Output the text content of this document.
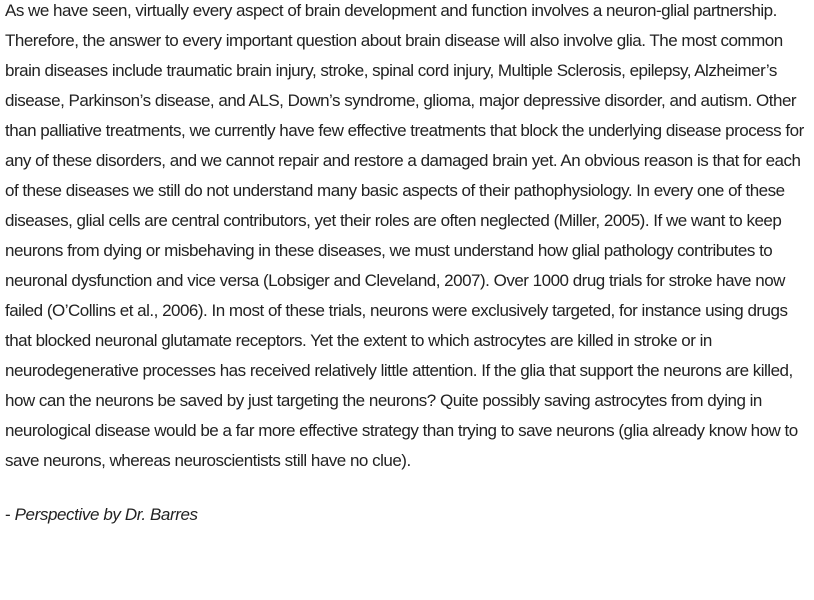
As we have seen, virtually every aspect of brain development and function involves a neuron-glial partnership. Therefore, the answer to every important question about brain disease will also involve glia. The most common brain diseases include traumatic brain injury, stroke, spinal cord injury, Multiple Sclerosis, epilepsy, Alzheimer’s disease, Parkinson’s disease, and ALS, Down’s syndrome, glioma, major depressive disorder, and autism. Other than palliative treatments, we currently have few effective treatments that block the underlying disease process for any of these disorders, and we cannot repair and restore a damaged brain yet. An obvious reason is that for each of these diseases we still do not understand many basic aspects of their pathophysiology. In every one of these diseases, glial cells are central contributors, yet their roles are often neglected (Miller, 2005). If we want to keep neurons from dying or misbehaving in these diseases, we must understand how glial pathology contributes to neuronal dysfunction and vice versa (Lobsiger and Cleveland, 2007). Over 1000 drug trials for stroke have now failed (O’Collins et al., 2006). In most of these trials, neurons were exclusively targeted, for instance using drugs that blocked neuronal glutamate receptors. Yet the extent to which astrocytes are killed in stroke or in neurodegenerative processes has received relatively little attention. If the glia that support the neurons are killed, how can the neurons be saved by just targeting the neurons? Quite possibly saving astrocytes from dying in neurological disease would be a far more effective strategy than trying to save neurons (glia already know how to save neurons, whereas neuroscientists still have no clue).

- Perspective by Dr. Barres
